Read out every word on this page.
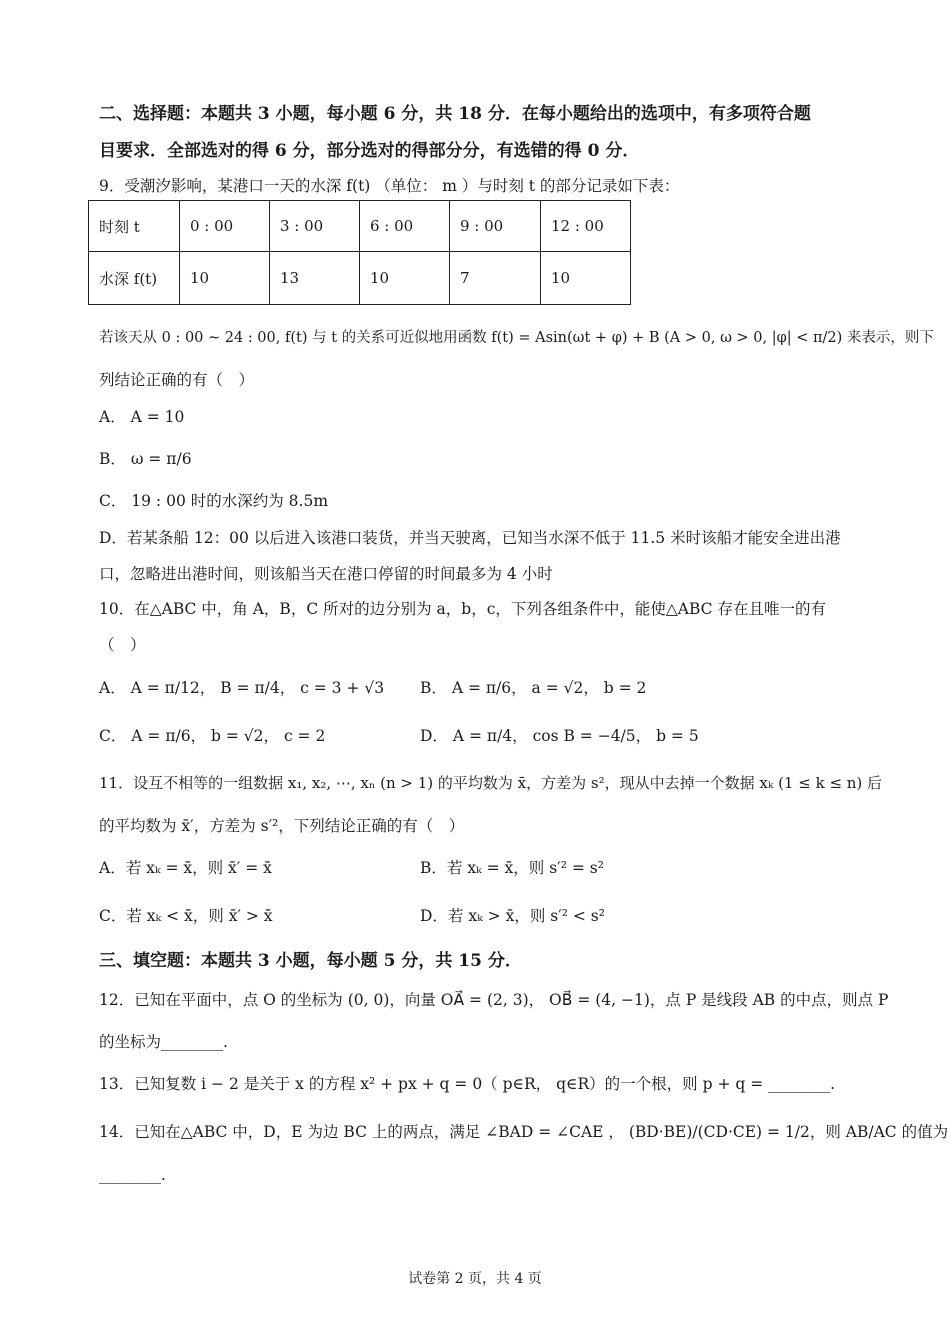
二、选择题：本题共 3 小题，每小题 6 分，共 18 分．在每小题给出的选项中，有多项符合题
目要求．全部选对的得 6 分，部分选对的得部分分，有选错的得 0 分．
9．受潮汐影响，某港口一天的水深 f(t) （单位： m ）与时刻 t 的部分记录如下表：
时刻 t	0 : 00	3 : 00	6 : 00	9 : 00	12 : 00
水深 f(t)	10	13	10	7	10
若该天从 0 : 00 ~ 24 : 00, f(t) 与 t 的关系可近似地用函数 f(t) = Asin(ωt + φ) + B (A > 0, ω > 0, |φ| < π/2) 来表示，则下
列结论正确的有（　）
A． A = 10
B． ω = π/6
C． 19 : 00 时的水深约为 8.5m
D．若某条船 12：00 以后进入该港口装货，并当天驶离，已知当水深不低于 11.5 米时该船才能安全进出港
口，忽略进出港时间，则该船当天在港口停留的时间最多为 4 小时
10．在△ABC 中，角 A，B，C 所对的边分别为 a，b，c，下列各组条件中，能使△ABC 存在且唯一的有
（　）
A． A = π/12， B = π/4， c = 3 + √3 B． A = π/6， a = √2， b = 2
C． A = π/6， b = √2， c = 2	D． A = π/4， cos B = −4/5， b = 5
11．设互不相等的一组数据 x₁, x₂, ⋯, xₙ (n > 1) 的平均数为 x̄，方差为 s²，现从中去掉一个数据 xₖ (1 ≤ k ≤ n) 后
的平均数为 x̄′，方差为 s′²，下列结论正确的有（　）
A．若 xₖ = x̄，则 x̄′ = x̄	B．若 xₖ = x̄，则 s′² = s²
C．若 xₖ < x̄，则 x̄′ > x̄	D．若 xₖ > x̄，则 s′² < s²
三、填空题：本题共 3 小题，每小题 5 分，共 15 分．
12．已知在平面中，点 O 的坐标为 (0, 0)，向量 OA⃗ = (2, 3)， OB⃗ = (4, −1)，点 P 是线段 AB 的中点，则点 P
的坐标为________.
13．已知复数 i − 2 是关于 x 的方程 x² + px + q = 0（ p∈R， q∈R）的一个根，则 p + q = ________.
14．已知在△ABC 中，D，E 为边 BC 上的两点，满足 ∠BAD = ∠CAE ， (BD·BE)/(CD·CE) = 1/2，则 AB/AC 的值为
________.
试卷第 2 页，共 4 页
